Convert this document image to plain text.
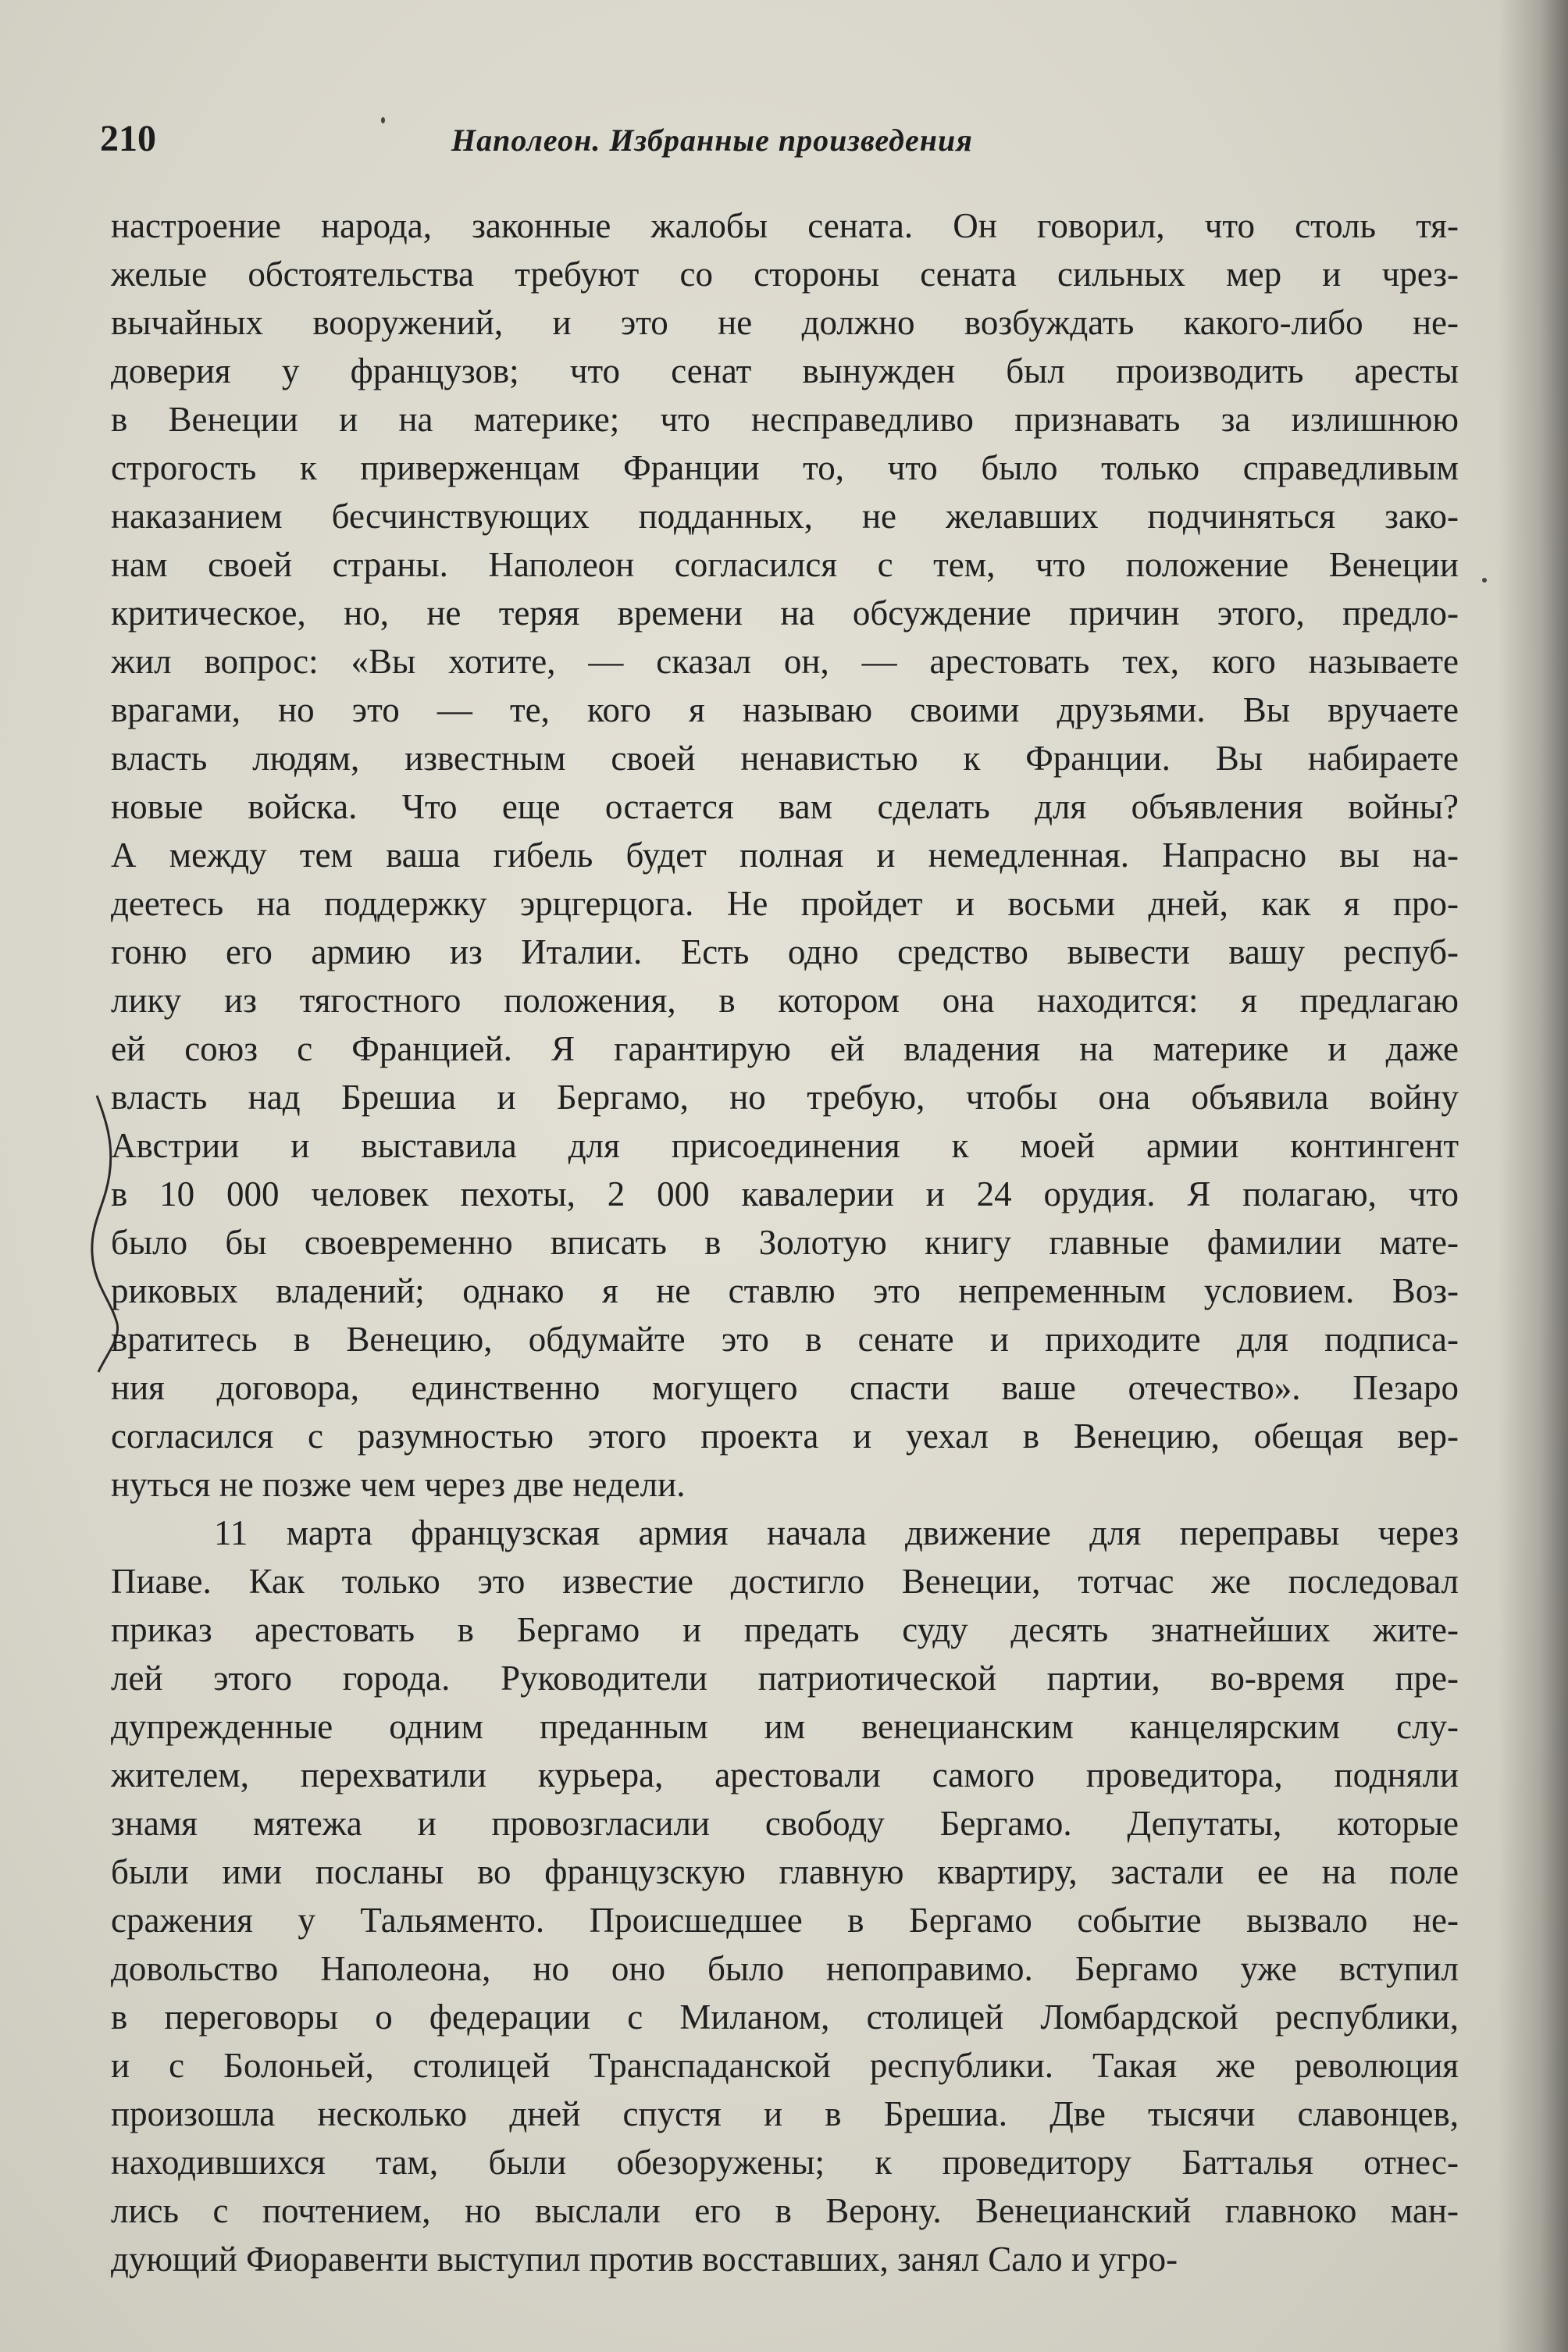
210	Наполеон. Избранные произведения
настроение народа, законные жалобы сената. Он говорил, что столь тя-
желые обстоятельства требуют со стороны сената сильных мер и чрез-
вычайных вооружений, и это не должно возбуждать какого-либо не-
доверия у французов; что сенат вынужден был производить аресты
в Венеции и на материке; что несправедливо признавать за излишнюю
строгость к приверженцам Франции то, что было только справедливым
наказанием бесчинствующих подданных, не желавших подчиняться зако-
нам своей страны. Наполеон согласился с тем, что положение Венеции
критическое, но, не теряя времени на обсуждение причин этого, предло-
жил вопрос: «Вы хотите, — сказал он, — арестовать тех, кого называете
врагами, но это — те, кого я называю своими друзьями. Вы вручаете
власть людям, известным своей ненавистью к Франции. Вы набираете
новые войска. Что еще остается вам сделать для объявления войны?
А между тем ваша гибель будет полная и немедленная. Напрасно вы на-
деетесь на поддержку эрцгерцога. Не пройдет и восьми дней, как я про-
гоню его армию из Италии. Есть одно средство вывести вашу респуб-
лику из тягостного положения, в котором она находится: я предлагаю
ей союз с Францией. Я гарантирую ей владения на материке и даже
власть над Брешиа и Бергамо, но требую, чтобы она объявила войну
Австрии и выставила для присоединения к моей армии контингент
в 10 000 человек пехоты, 2 000 кавалерии и 24 орудия. Я полагаю, что
было бы своевременно вписать в Золотую книгу главные фамилии мате-
риковых владений; однако я не ставлю это непременным условием. Воз-
вратитесь в Венецию, обдумайте это в сенате и приходите для подписа-
ния договора, единственно могущего спасти ваше отечество». Пезаро
согласился с разумностью этого проекта и уехал в Венецию, обещая вер-
нуться не позже чем через две недели.
11 марта французская армия начала движение для переправы через
Пиаве. Как только это известие достигло Венеции, тотчас же последовал
приказ арестовать в Бергамо и предать суду десять знатнейших жите-
лей этого города. Руководители патриотической партии, во-время пре-
дупрежденные одним преданным им венецианским канцелярским слу-
жителем, перехватили курьера, арестовали самого проведитора, подняли
знамя мятежа и провозгласили свободу Бергамо. Депутаты, которые
были ими посланы во французскую главную квартиру, застали ее на поле
сражения у Тальяменто. Происшедшее в Бергамо событие вызвало не-
довольство Наполеона, но оно было непоправимо. Бергамо уже вступил
в переговоры о федерации с Миланом, столицей Ломбардской республики,
и с Болоньей, столицей Транспаданской республики. Такая же революция
произошла несколько дней спустя и в Брешиа. Две тысячи славонцев,
находившихся там, были обезоружены; к проведитору Батталья отнес-
лись с почтением, но выслали его в Верону. Венецианский главноко ман-
дующий Фиоравенти выступил против восставших, занял Сало и угро-
